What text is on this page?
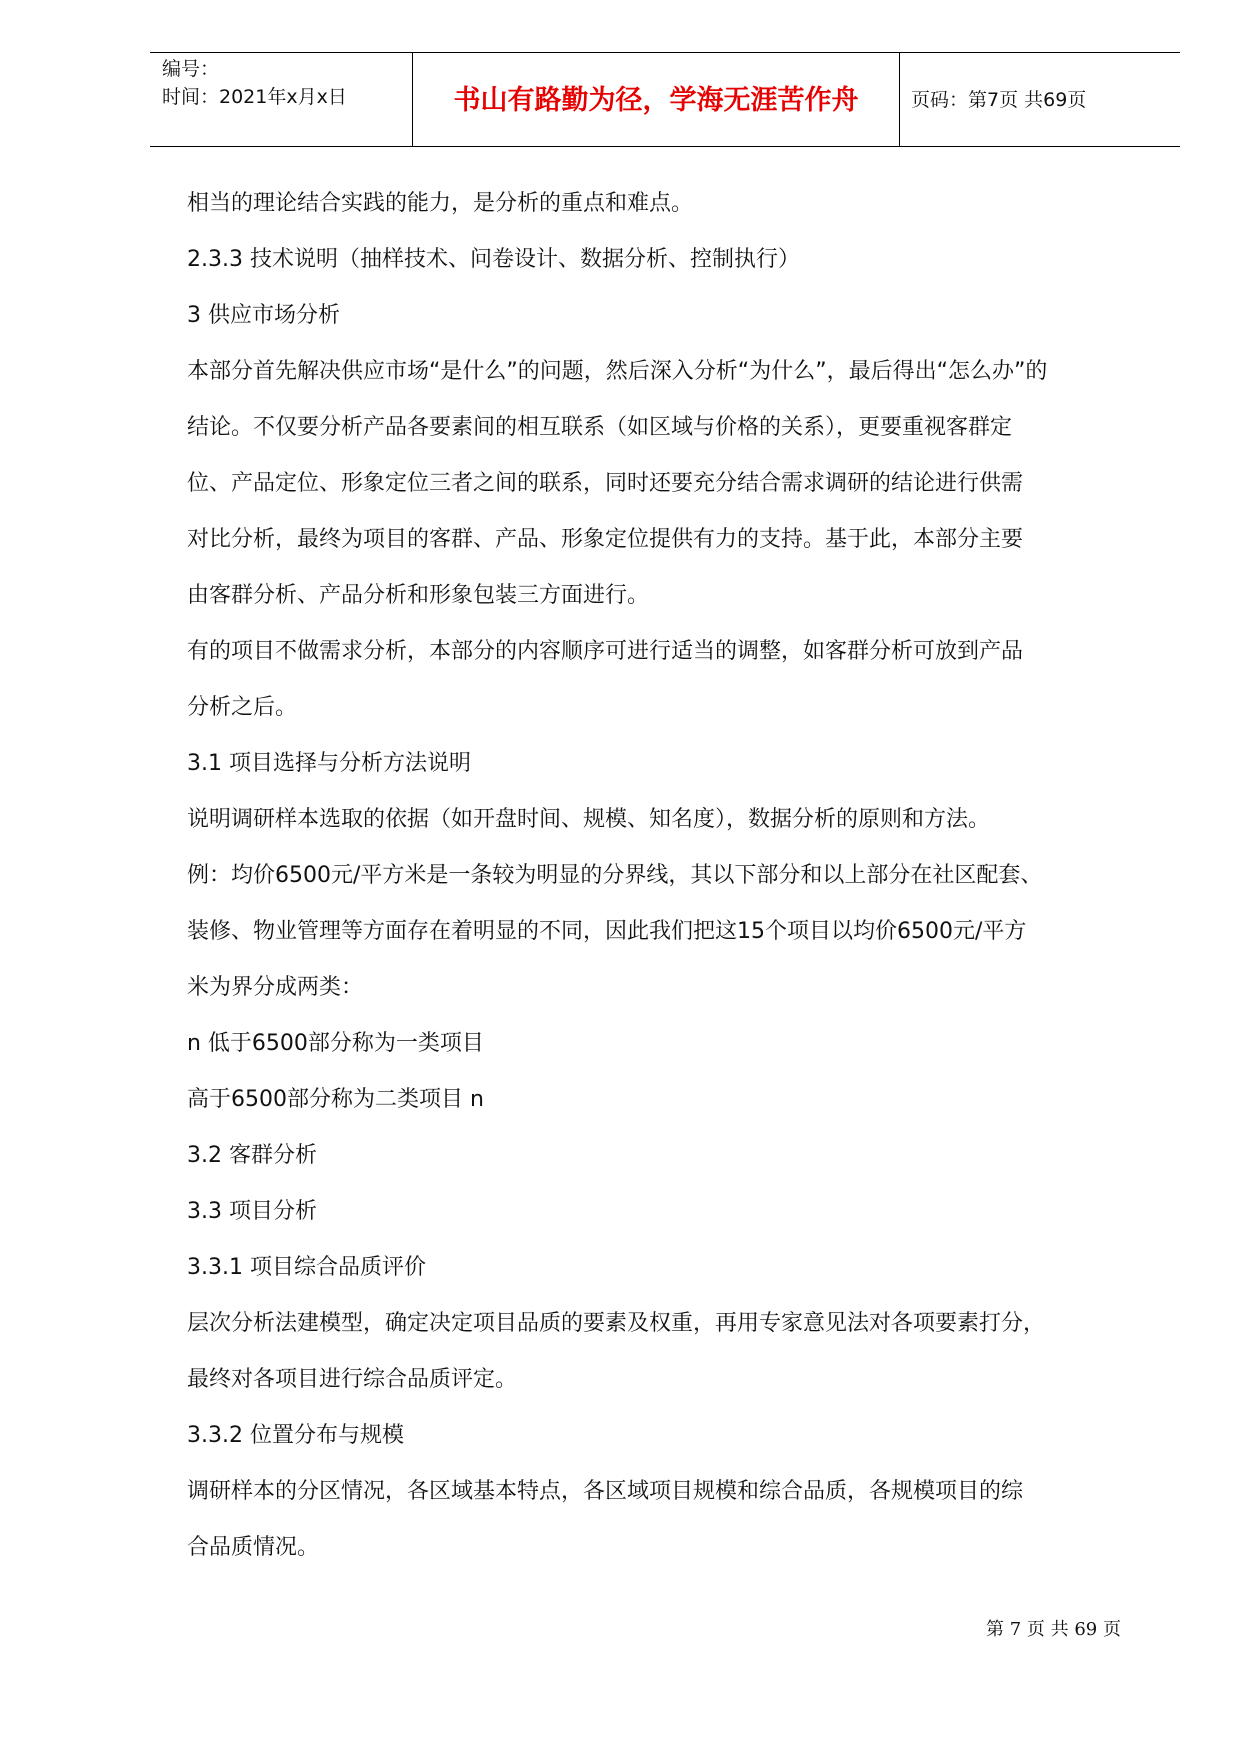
编号：
时间：2021年x月x日	书山有路勤为径，学海无涯苦作舟	页码：第7页 共69页

相当的理论结合实践的能力，是分析的重点和难点。

2.3.3 技术说明（抽样技术、问卷设计、数据分析、控制执行）

3 供应市场分析

本部分首先解决供应市场“是什么”的问题，然后深入分析“为什么”，最后得出“怎么办”的

结论。不仅要分析产品各要素间的相互联系（如区域与价格的关系），更要重视客群定

位、产品定位、形象定位三者之间的联系，同时还要充分结合需求调研的结论进行供需

对比分析，最终为项目的客群、产品、形象定位提供有力的支持。基于此，本部分主要

由客群分析、产品分析和形象包装三方面进行。

有的项目不做需求分析，本部分的内容顺序可进行适当的调整，如客群分析可放到产品

分析之后。

3.1 项目选择与分析方法说明

说明调研样本选取的依据（如开盘时间、规模、知名度），数据分析的原则和方法。

例：均价6500元/平方米是一条较为明显的分界线，其以下部分和以上部分在社区配套、

装修、物业管理等方面存在着明显的不同，因此我们把这15个项目以均价6500元/平方

米为界分成两类：

n 低于6500部分称为一类项目

高于6500部分称为二类项目 n

3.2 客群分析

3.3 项目分析

3.3.1 项目综合品质评价

层次分析法建模型，确定决定项目品质的要素及权重，再用专家意见法对各项要素打分，

最终对各项目进行综合品质评定。

3.3.2 位置分布与规模

调研样本的分区情况，各区域基本特点，各区域项目规模和综合品质，各规模项目的综

合品质情况。

第 7 页 共 69 页
